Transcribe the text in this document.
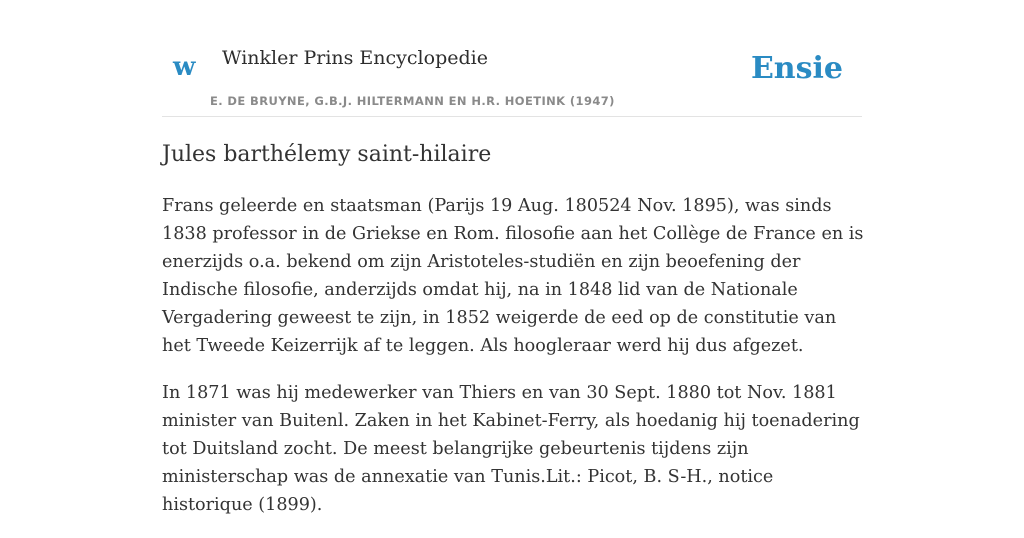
w Winkler Prins Encyclopedie
E. DE BRUYNE, G.B.J. HILTERMANN EN H.R. HOETINK (1947)
Ensie
Jules barthélemy saint-hilaire

Frans geleerde en staatsman (Parijs 19 Aug. 180524 Nov. 1895), was sinds 1838 professor in de Griekse en Rom. filosofie aan het Collège de France en is enerzijds o.a. bekend om zijn Aristoteles-studiën en zijn beoefening der Indische filosofie, anderzijds omdat hij, na in 1848 lid van de Nationale Vergadering geweest te zijn, in 1852 weigerde de eed op de constitutie van het Tweede Keizerrijk af te leggen. Als hoogleraar werd hij dus afgezet.

In 1871 was hij medewerker van Thiers en van 30 Sept. 1880 tot Nov. 1881 minister van Buitenl. Zaken in het Kabinet-Ferry, als hoedanig hij toenadering tot Duitsland zocht. De meest belangrijke gebeurtenis tijdens zijn ministerschap was de annexatie van Tunis.Lit.: Picot, B. S-H., notice historique (1899).
